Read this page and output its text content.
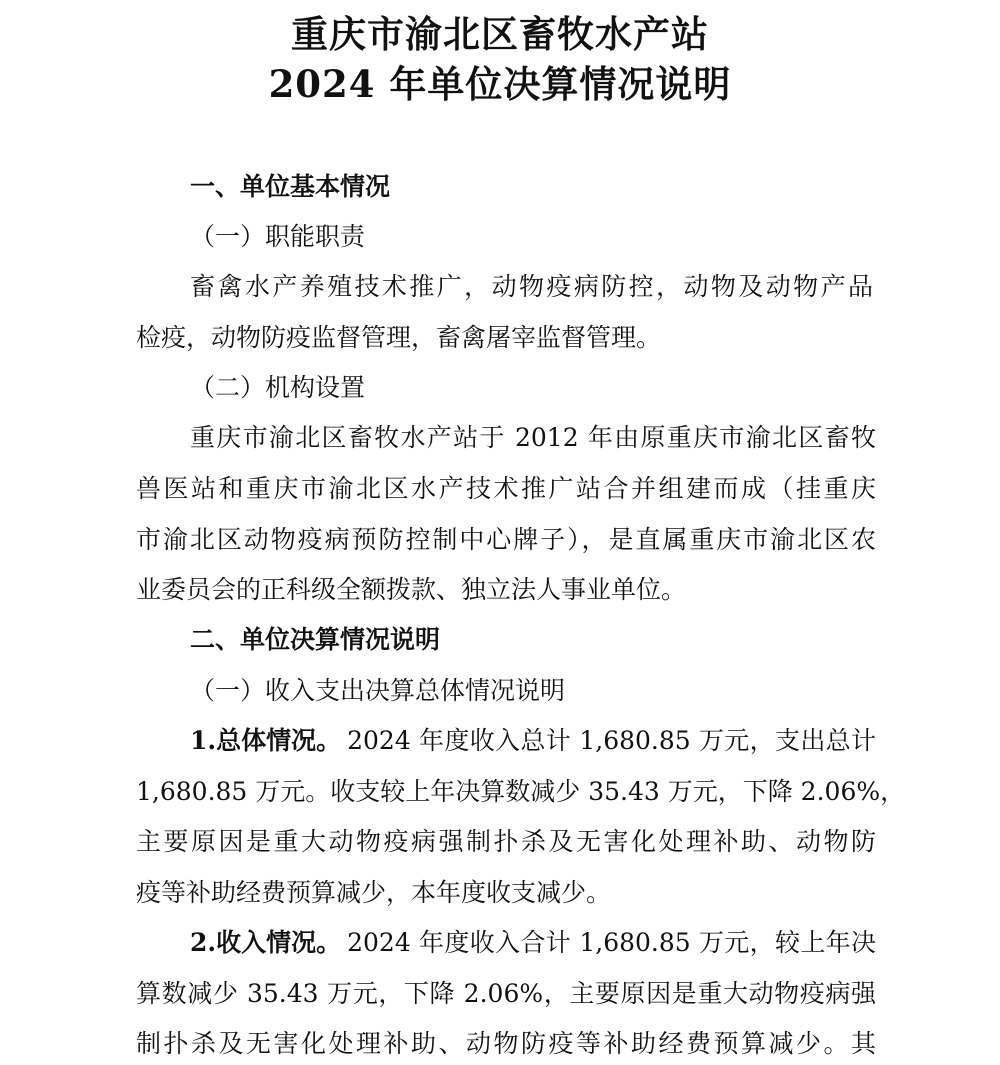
重庆市渝北区畜牧水产站
2024 年单位决算情况说明
一、单位基本情况
（一）职能职责
畜禽水产养殖技术推广，动物疫病防控，动物及动物产品
检疫，动物防疫监督管理，畜禽屠宰监督管理。
（二）机构设置
重庆市渝北区畜牧水产站于 2012 年由原重庆市渝北区畜牧
兽医站和重庆市渝北区水产技术推广站合并组建而成（挂重庆
市渝北区动物疫病预防控制中心牌子），是直属重庆市渝北区农
业委员会的正科级全额拨款、独立法人事业单位。
二、单位决算情况说明
（一）收入支出决算总体情况说明
1.总体情况。 2024 年度收入总计 1,680.85 万元，支出总计
1,680.85 万元。收支较上年决算数减少 35.43 万元，下降 2.06%，
主要原因是重大动物疫病强制扑杀及无害化处理补助、动物防
疫等补助经费预算减少，本年度收支减少。
2.收入情况。 2024 年度收入合计 1,680.85 万元，较上年决
算数减少 35.43 万元，下降 2.06%，主要原因是重大动物疫病强
制扑杀及无害化处理补助、动物防疫等补助经费预算减少。其
